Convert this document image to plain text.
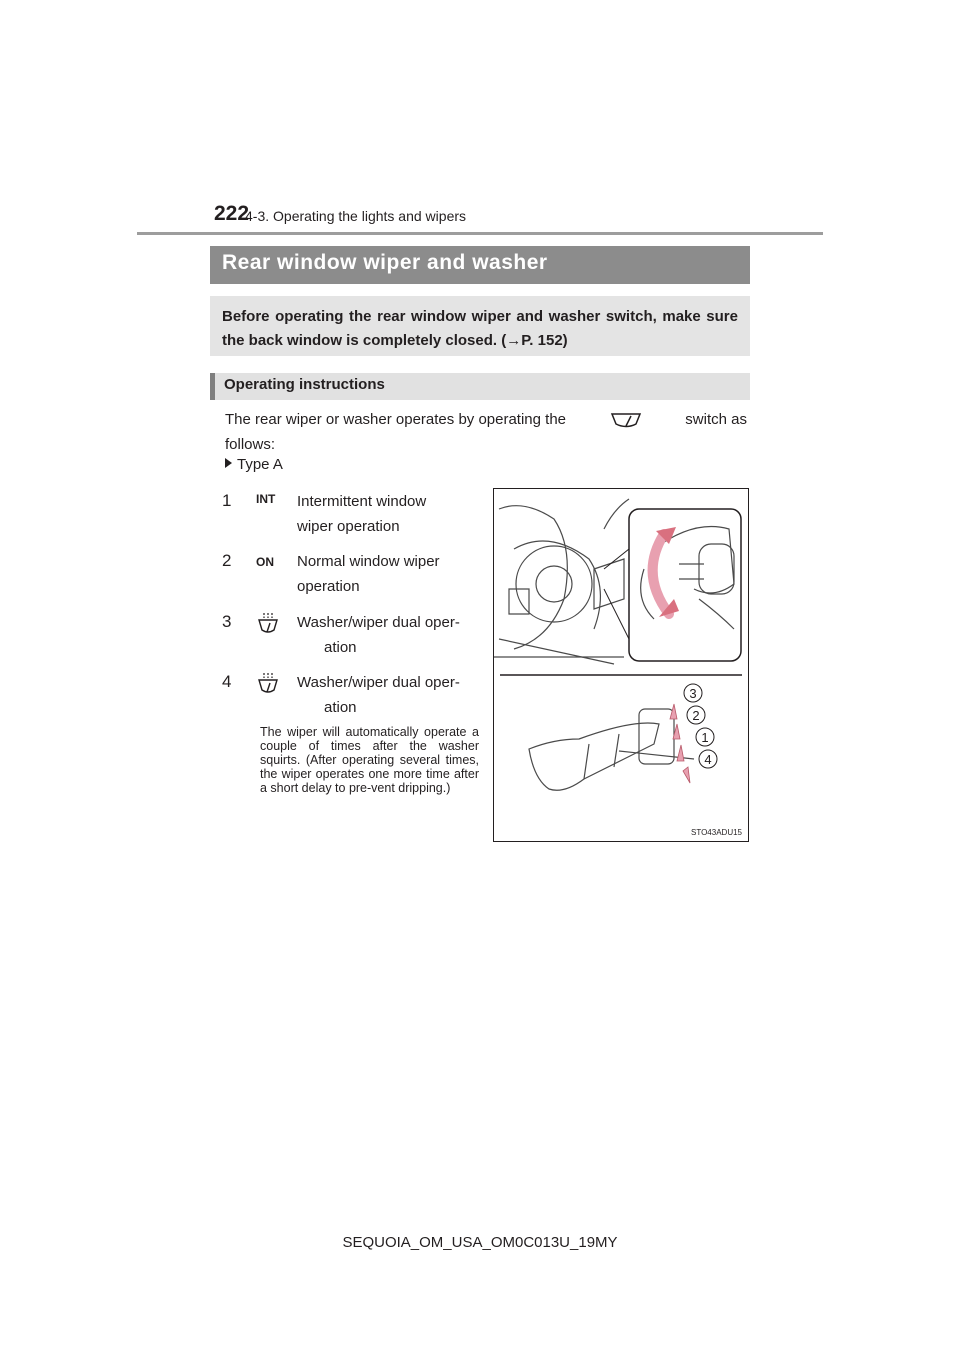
222
4-3. Operating the lights and wipers
Rear window wiper and washer
Before operating the rear window wiper and washer switch, make sure the back window is completely closed. (→P. 152)
Operating instructions
The rear wiper or washer operates by operating the	switch as
follows:
Type A
1 INT Intermittent window
wiper operation
2 ON Normal window wiper
operation
3	Washer/wiper dual oper-
ation
4	Washer/wiper dual oper-
ation
The wiper will automatically operate a couple of times after the washer squirts. (After operating several times, the wiper operates one more time after a short delay to pre-vent dripping.)
3
2
1
4
STO43ADU15
SEQUOIA_OM_USA_OM0C013U_19MY
